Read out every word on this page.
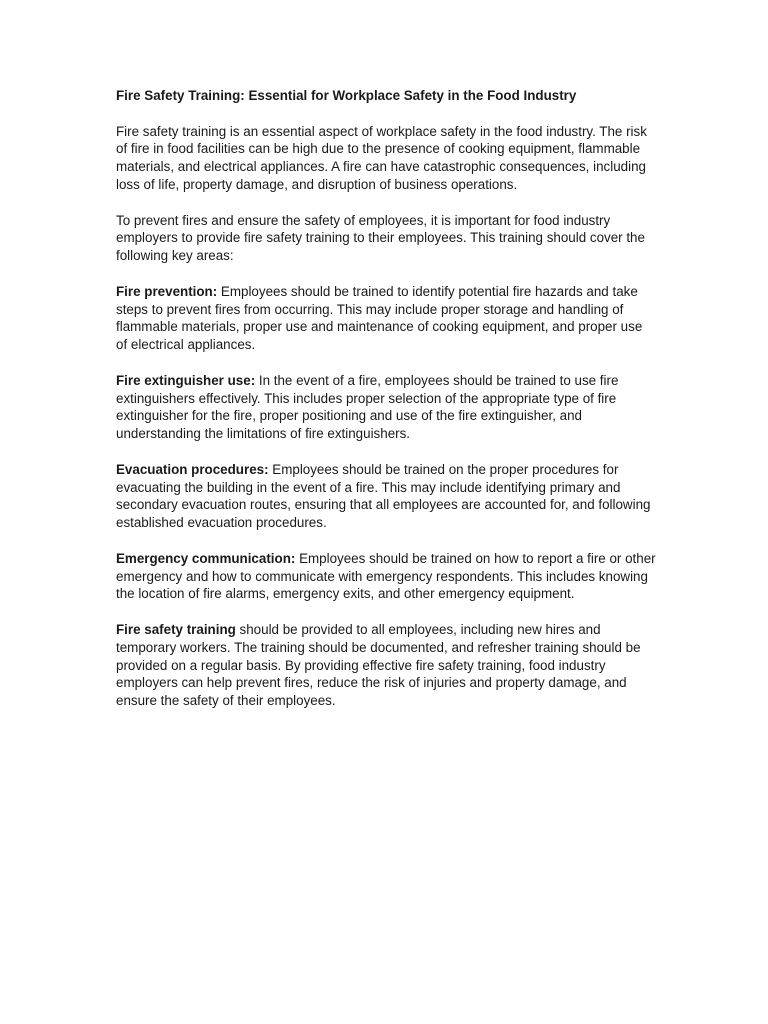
Fire Safety Training: Essential for Workplace Safety in the Food Industry

Fire safety training is an essential aspect of workplace safety in the food industry. The risk of fire in food facilities can be high due to the presence of cooking equipment, flammable materials, and electrical appliances. A fire can have catastrophic consequences, including loss of life, property damage, and disruption of business operations.

To prevent fires and ensure the safety of employees, it is important for food industry employers to provide fire safety training to their employees. This training should cover the following key areas:

Fire prevention: Employees should be trained to identify potential fire hazards and take steps to prevent fires from occurring. This may include proper storage and handling of flammable materials, proper use and maintenance of cooking equipment, and proper use of electrical appliances.

Fire extinguisher use: In the event of a fire, employees should be trained to use fire extinguishers effectively. This includes proper selection of the appropriate type of fire extinguisher for the fire, proper positioning and use of the fire extinguisher, and understanding the limitations of fire extinguishers.

Evacuation procedures: Employees should be trained on the proper procedures for evacuating the building in the event of a fire. This may include identifying primary and secondary evacuation routes, ensuring that all employees are accounted for, and following established evacuation procedures.

Emergency communication: Employees should be trained on how to report a fire or other emergency and how to communicate with emergency respondents. This includes knowing the location of fire alarms, emergency exits, and other emergency equipment.

Fire safety training should be provided to all employees, including new hires and temporary workers. The training should be documented, and refresher training should be provided on a regular basis. By providing effective fire safety training, food industry employers can help prevent fires, reduce the risk of injuries and property damage, and ensure the safety of their employees.
